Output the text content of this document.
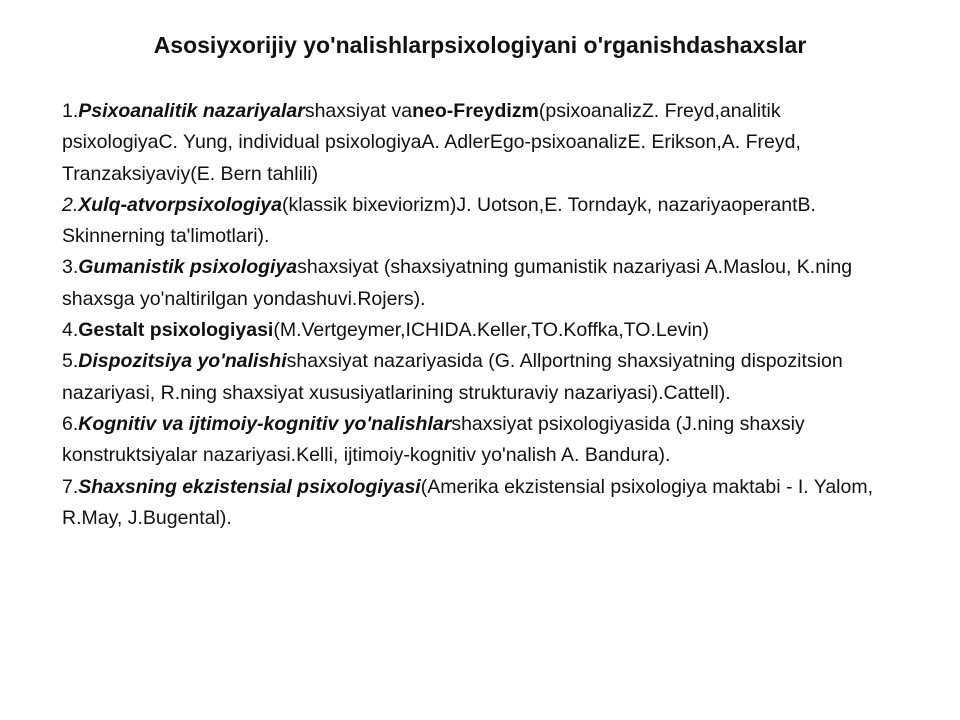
Asosiyxorijiy yo'nalishlarpsixologiyani o'rganishdashaxslar

1.Psixoanalitik nazariyalarshaxsiyat vaneo-Freydizm(psixoanalizZ. Freyd,analitik psixologiyaC. Yung, individual psixologiyaA. AdlerEgo-psixoanalizE. Erikson,A. Freyd, Tranzaksiyaviy(E. Bern tahlili)

2.Xulq-atvorpsixologiya(klassik bixeviorizm)J. Uotson,E. Torndayk, nazariyaoperantB. Skinnerning ta'limotlari).

3.Gumanistik psixologiyashaxsiyat (shaxsiyatning gumanistik nazariyasi A.Maslou, K.ning shaxsga yo'naltirilgan yondashuvi.Rojers).

4.Gestalt psixologiyasi(M.Vertgeymer,ICHIDA.Keller,TO.Koffka,TO.Levin)

5.Dispozitsiya yo'nalishishaxsiyat nazariyasida (G. Allportning shaxsiyatning dispozitsion nazariyasi, R.ning shaxsiyat xususiyatlarining strukturaviy nazariyasi).Cattell).

6.Kognitiv va ijtimoiy-kognitiv yo'nalishlarshaxsiyat psixologiyasida (J.ning shaxsiy konstruktsiyalar nazariyasi.Kelli, ijtimoiy-kognitiv yo'nalish A. Bandura).

7.Shaxsning ekzistensial psixologiyasi(Amerika ekzistensial psixologiya maktabi - I. Yalom, R.May, J.Bugental).
